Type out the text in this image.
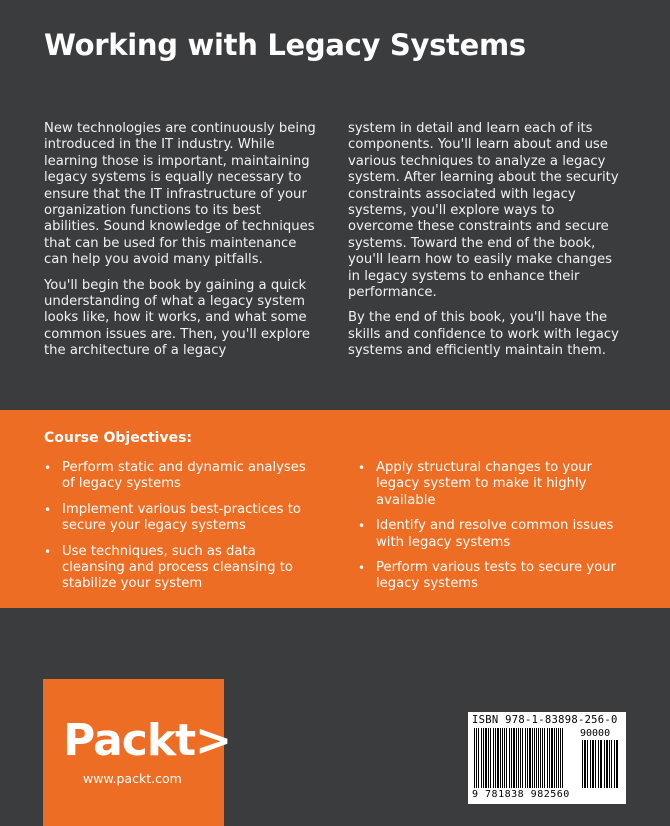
Working with Legacy Systems

New technologies are continuously being introduced in the IT industry. While learning those is important, maintaining legacy systems is equally necessary to ensure that the IT infrastructure of your organization functions to its best abilities. Sound knowledge of techniques that can be used for this maintenance can help you avoid many pitfalls.

You'll begin the book by gaining a quick understanding of what a legacy system looks like, how it works, and what some common issues are. Then, you'll explore the architecture of a legacy

system in detail and learn each of its components. You'll learn about and use various techniques to analyze a legacy system. After learning about the security constraints associated with legacy systems, you'll explore ways to overcome these constraints and secure systems. Toward the end of the book, you'll learn how to easily make changes in legacy systems to enhance their performance.

By the end of this book, you'll have the skills and confidence to work with legacy systems and efficiently maintain them.

Course Objectives:
• Perform static and dynamic analyses of legacy systems
• Implement various best-practices to secure your legacy systems
• Use techniques, such as data cleansing and process cleansing to stabilize your system
• Apply structural changes to your legacy system to make it highly available
• Identify and resolve common issues with legacy systems
• Perform various tests to secure your legacy systems
Packt>
www.packt.com
ISBN 978-1-83898-256-0
90000
9 781838 982560
